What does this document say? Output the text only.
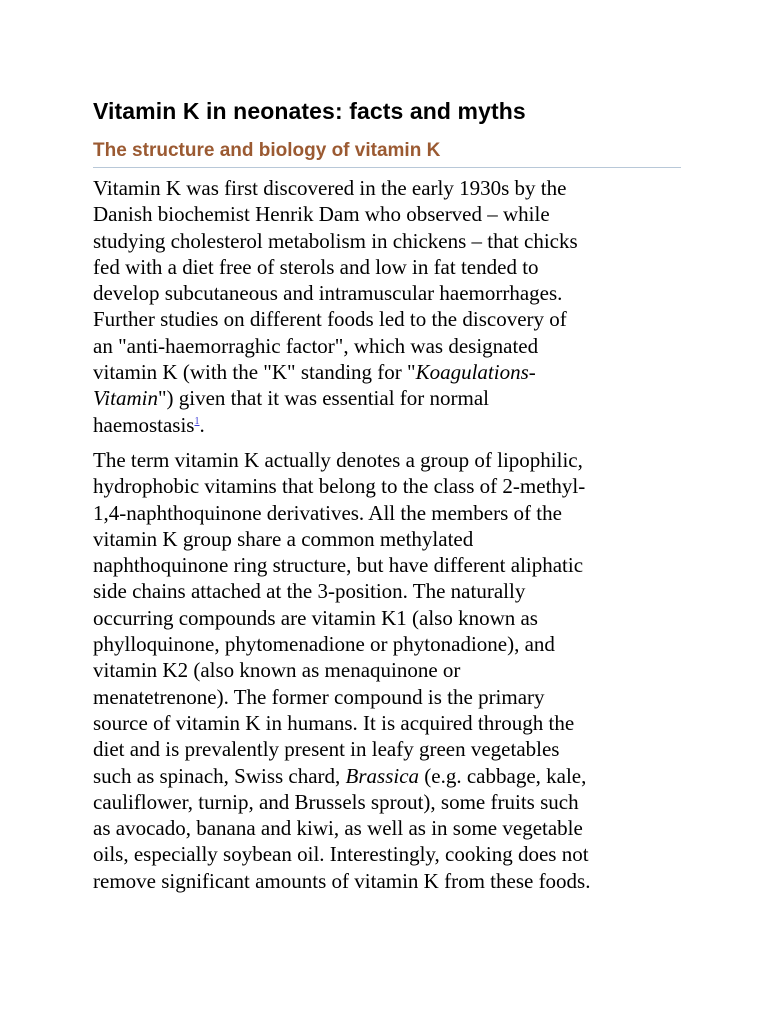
Vitamin K in neonates: facts and myths
The structure and biology of vitamin K

Vitamin K was first discovered in the early 1930s by the
Danish biochemist Henrik Dam who observed – while
studying cholesterol metabolism in chickens – that chicks
fed with a diet free of sterols and low in fat tended to
develop subcutaneous and intramuscular haemorrhages.
Further studies on different foods led to the discovery of
an "anti-haemorraghic factor", which was designated
vitamin K (with the "K" standing for "Koagulations-
Vitamin") given that it was essential for normal
haemostasis$^1$.

The term vitamin K actually denotes a group of lipophilic,
hydrophobic vitamins that belong to the class of 2-methyl-
1,4-naphthoquinone derivatives. All the members of the
vitamin K group share a common methylated
naphthoquinone ring structure, but have different aliphatic
side chains attached at the 3-position. The naturally
occurring compounds are vitamin K1 (also known as
phylloquinone, phytomenadione or phytonadione), and
vitamin K2 (also known as menaquinone or
menatetrenone). The former compound is the primary
source of vitamin K in humans. It is acquired through the
diet and is prevalently present in leafy green vegetables
such as spinach, Swiss chard, Brassica (e.g. cabbage, kale,
cauliflower, turnip, and Brussels sprout), some fruits such
as avocado, banana and kiwi, as well as in some vegetable
oils, especially soybean oil. Interestingly, cooking does not
remove significant amounts of vitamin K from these foods.
